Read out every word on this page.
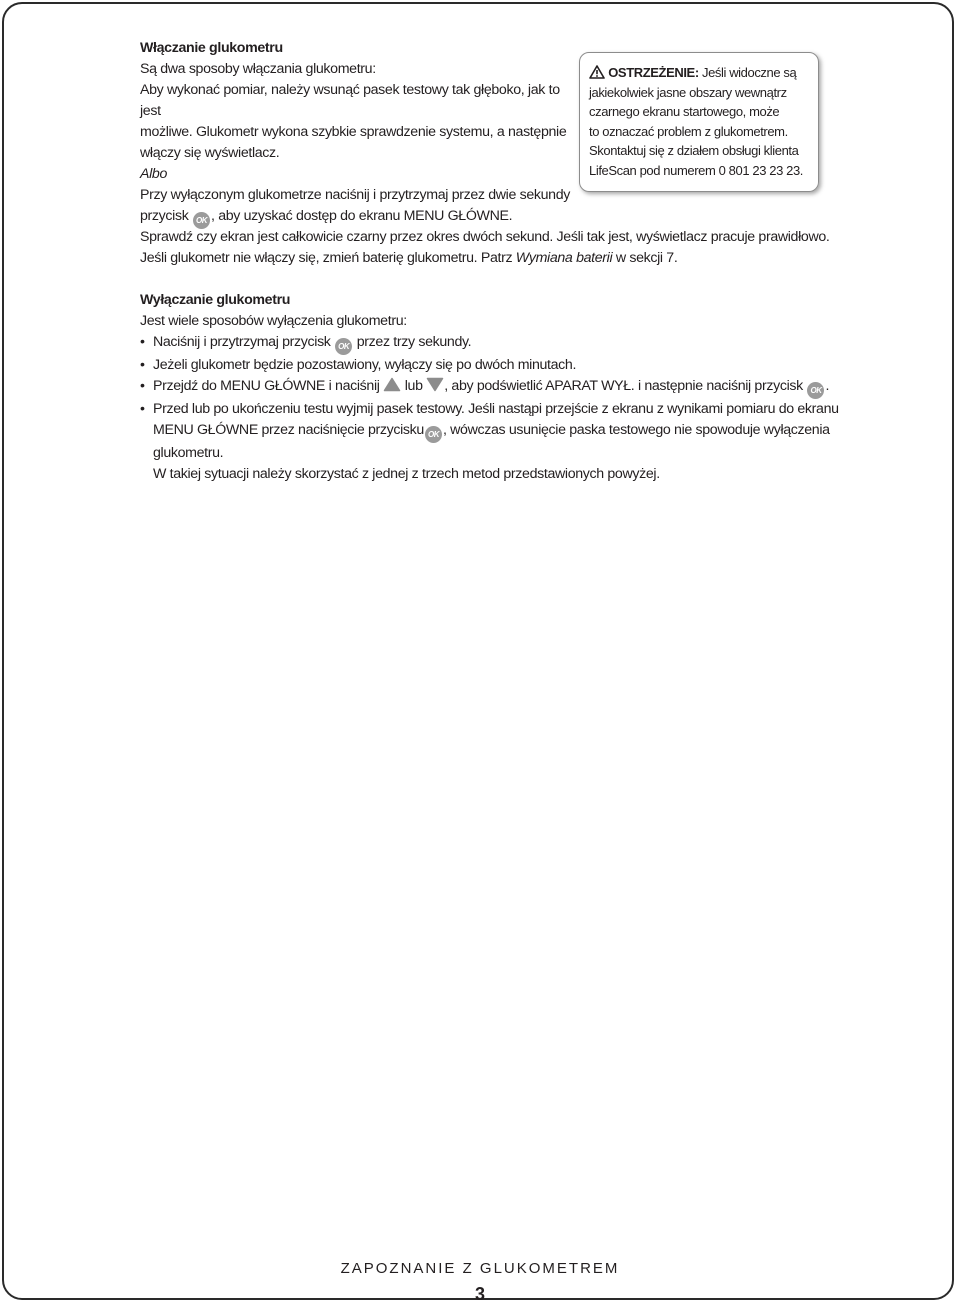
Włączanie glukometru
Są dwa sposoby włączania glukometru:
Aby wykonać pomiar, należy wsunąć pasek testowy tak głęboko, jak to jest
możliwe. Glukometr wykona szybkie sprawdzenie systemu, a następnie
włączy się wyświetlacz.
Albo
Przy wyłączonym glukometrze naciśnij i przytrzymaj przez dwie sekundy
przycisk OK , aby uzyskać dostęp do ekranu MENU GŁÓWNE.
OSTRZEŻENIE: Jeśli widoczne są
jakiekolwiek jasne obszary wewnątrz
czarnego ekranu startowego, może
to oznaczać problem z glukometrem.
Skontaktuj się z działem obsługi klienta
LifeScan pod numerem 0 801 23 23 23.
Sprawdź czy ekran jest całkowicie czarny przez okres dwóch sekund. Jeśli tak jest, wyświetlacz pracuje prawidłowo.
Jeśli glukometr nie włączy się, zmień baterię glukometru. Patrz Wymiana baterii w sekcji 7.
Wyłączanie glukometru
Jest wiele sposobów wyłączenia glukometru:
• Naciśnij i przytrzymaj przycisk OK przez trzy sekundy.
• Jeżeli glukometr będzie pozostawiony, wyłączy się po dwóch minutach.
• Przejdź do MENU GŁÓWNE i naciśnij lub , aby podświetlić APARAT WYŁ. i następnie naciśnij przycisk OK .
• Przed lub po ukończeniu testu wyjmij pasek testowy. Jeśli nastąpi przejście z ekranu z wynikami pomiaru do ekranu
MENU GŁÓWNE przez naciśnięcie przycisku OK , wówczas usunięcie paska testowego nie spowoduje wyłączenia glukometru.
W takiej sytuacji należy skorzystać z jednej z trzech metod przedstawionych powyżej.
ZAPOZNANIE Z GLUKOMETREM
3
